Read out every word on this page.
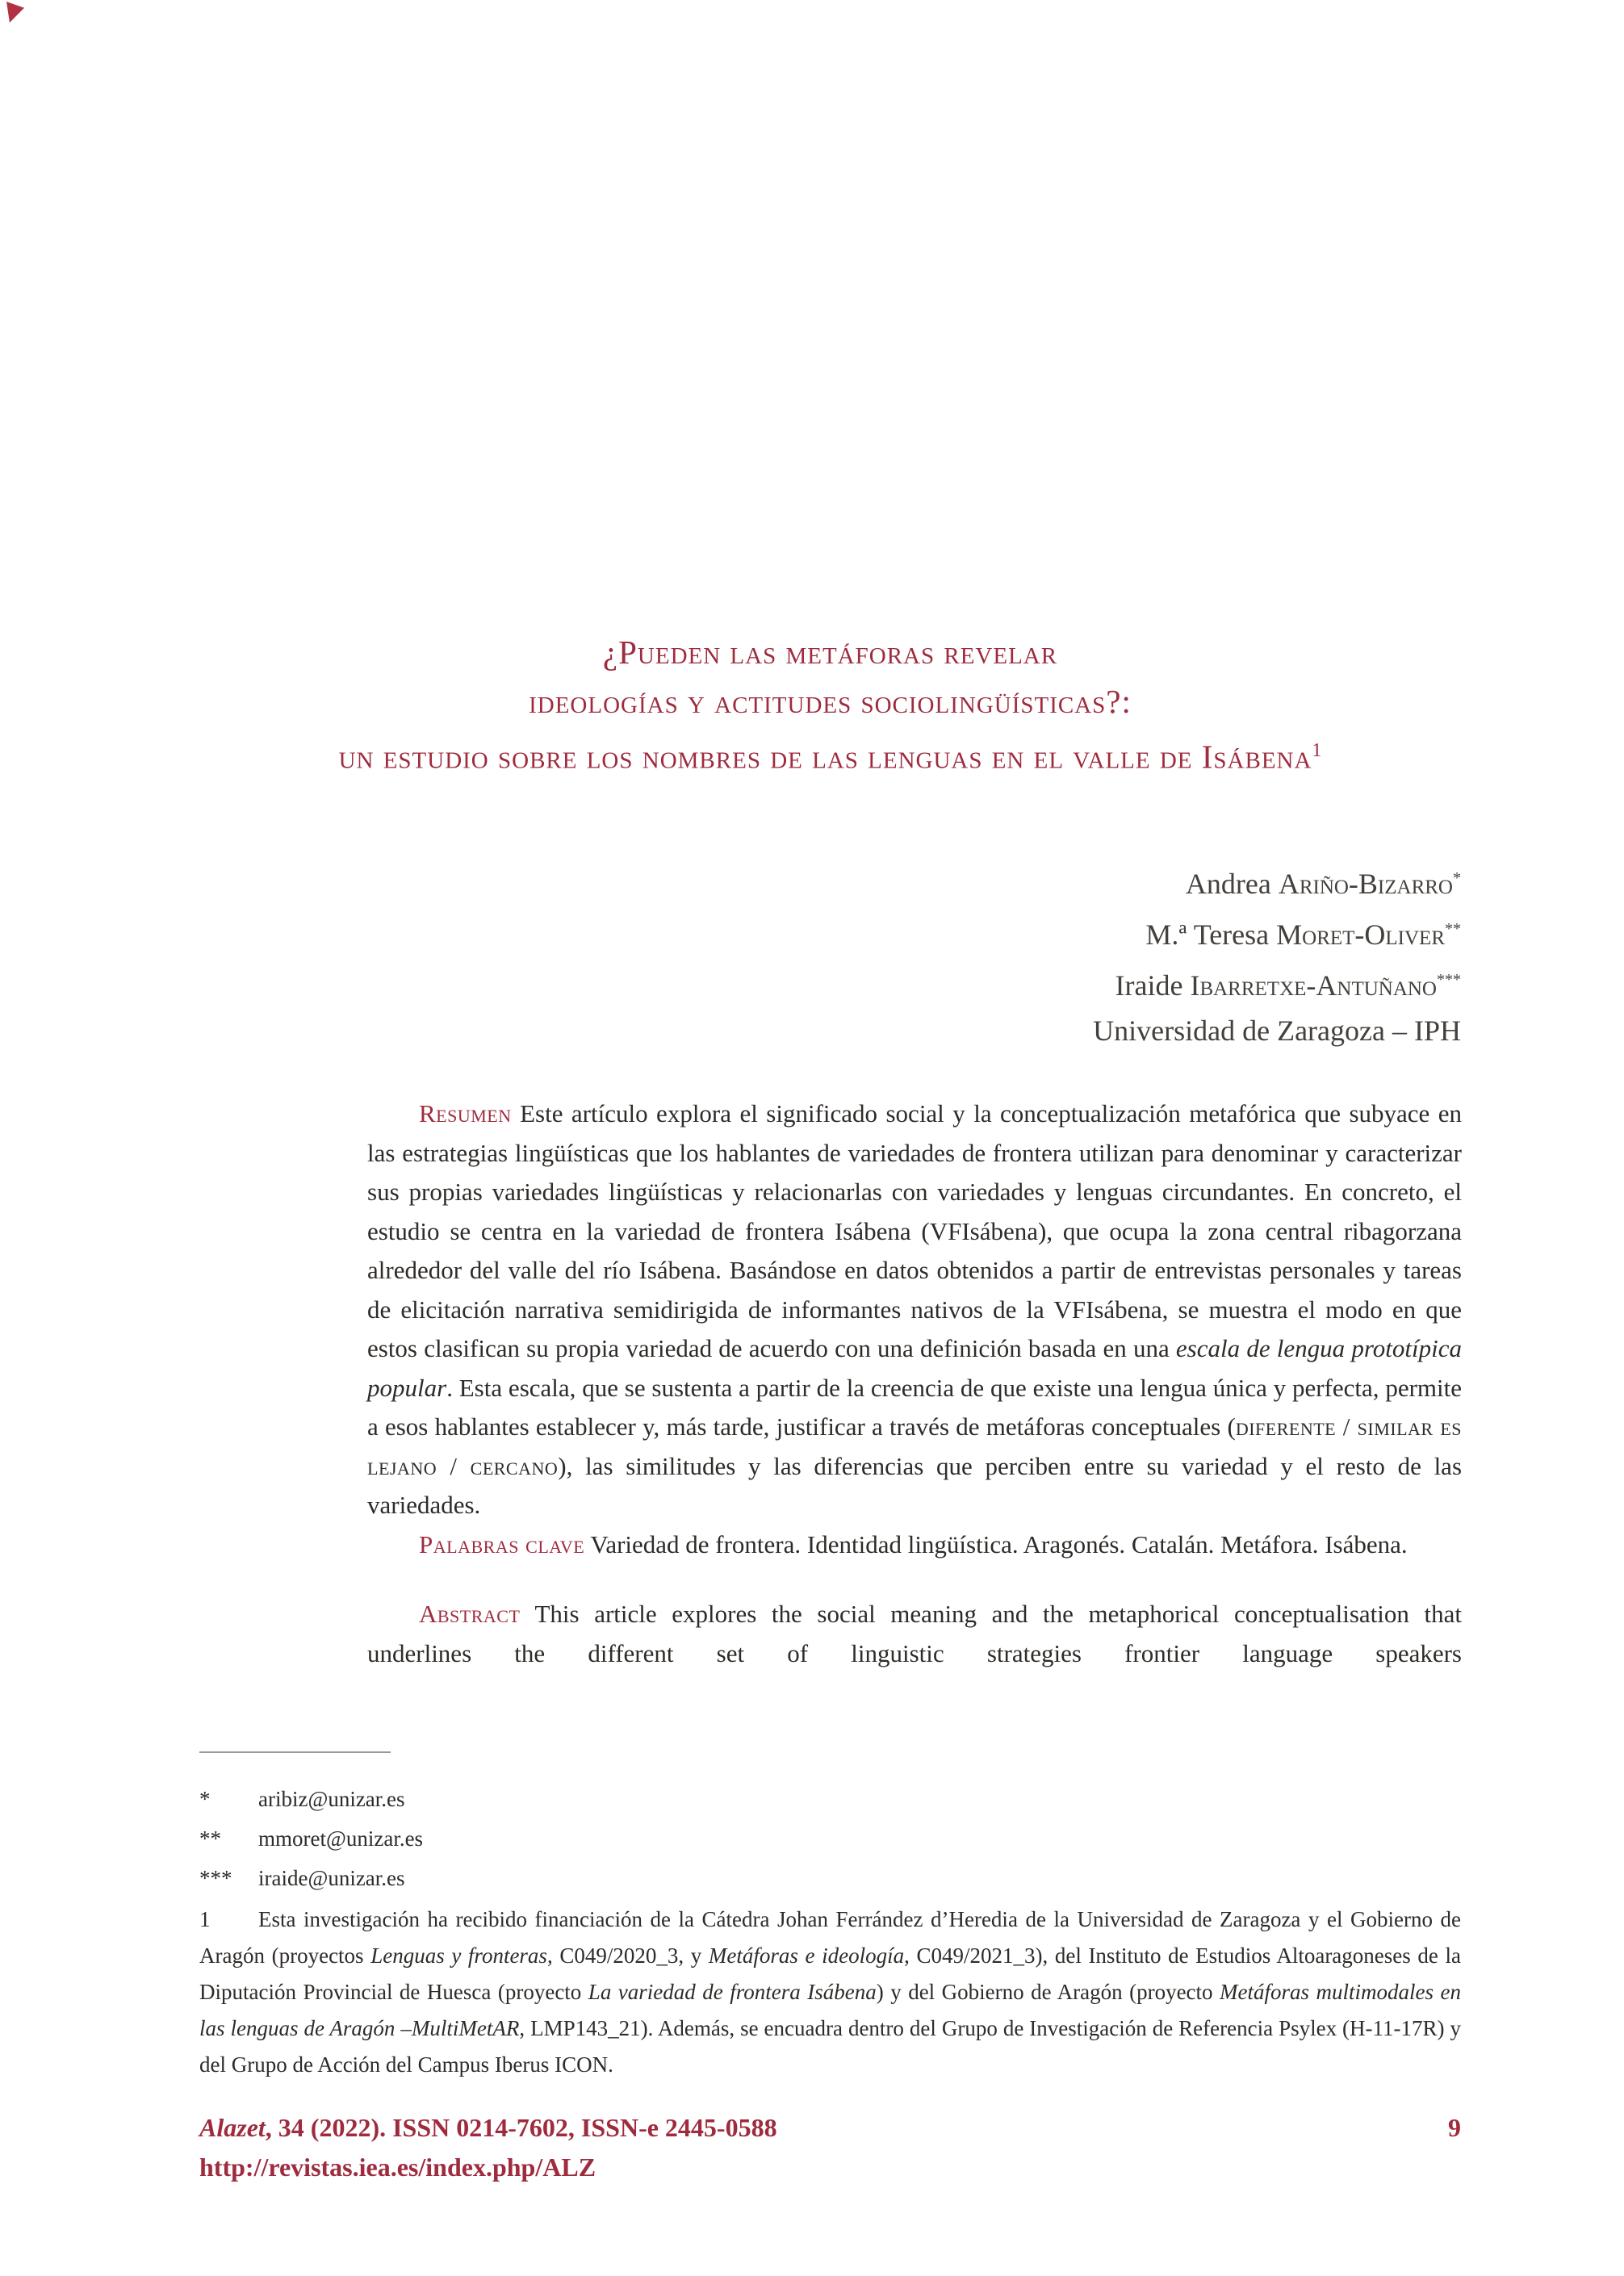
¿Pueden las metáforas revelar
ideologías y actitudes sociolingüísticas?:
un estudio sobre los nombres de las lenguas en el valle de Isábena$^1$
Andrea Ariño-Bizarro*
M.ª Teresa Moret-Oliver**
Iraide Ibarretxe-Antuñano***
Universidad de Zaragoza – IPH

Resumen Este artículo explora el significado social y la conceptualización metafórica que subyace en las estrategias lingüísticas que los hablantes de variedades de frontera utilizan para denominar y caracterizar sus propias variedades lingüísticas y relacionarlas con variedades y lenguas circundantes. En concreto, el estudio se centra en la variedad de frontera Isábena (VFIsábena), que ocupa la zona central ribagorzana alrededor del valle del río Isábena. Basándose en datos obtenidos a partir de entrevistas personales y tareas de elicitación narrativa semidirigida de informantes nativos de la VFIsábena, se muestra el modo en que estos clasifican su propia variedad de acuerdo con una definición basada en una escala de lengua prototípica popular. Esta escala, que se sustenta a partir de la creencia de que existe una lengua única y perfecta, permite a esos hablantes establecer y, más tarde, justificar a través de metáforas conceptuales (diferente / similar es lejano / cercano), las similitudes y las diferencias que perciben entre su variedad y el resto de las variedades.

Palabras clave Variedad de frontera. Identidad lingüística. Aragonés. Catalán. Metáfora. Isábena.

Abstract This article explores the social meaning and the metaphorical conceptualisation that underlines the different set of linguistic strategies frontier language speakers

* aribiz@unizar.es
** mmoret@unizar.es
*** iraide@unizar.es

1 Esta investigación ha recibido financiación de la Cátedra Johan Ferrández d’Heredia de la Universidad de Zaragoza y el Gobierno de Aragón (proyectos Lenguas y fronteras, C049/2020_3, y Metáforas e ideología, C049/2021_3), del Instituto de Estudios Altoaragoneses de la Diputación Provincial de Huesca (proyecto La variedad de frontera Isábena) y del Gobierno de Aragón (proyecto Metáforas multimodales en las lenguas de Aragón –MultiMetAR, LMP143_21). Además, se encuadra dentro del Grupo de Investigación de Referencia Psylex (H-11-17R) y del Grupo de Acción del Campus Iberus ICON.

Alazet, 34 (2022). ISSN 0214-7602, ISSN-e 2445-0588
http://revistas.iea.es/index.php/ALZ
9
